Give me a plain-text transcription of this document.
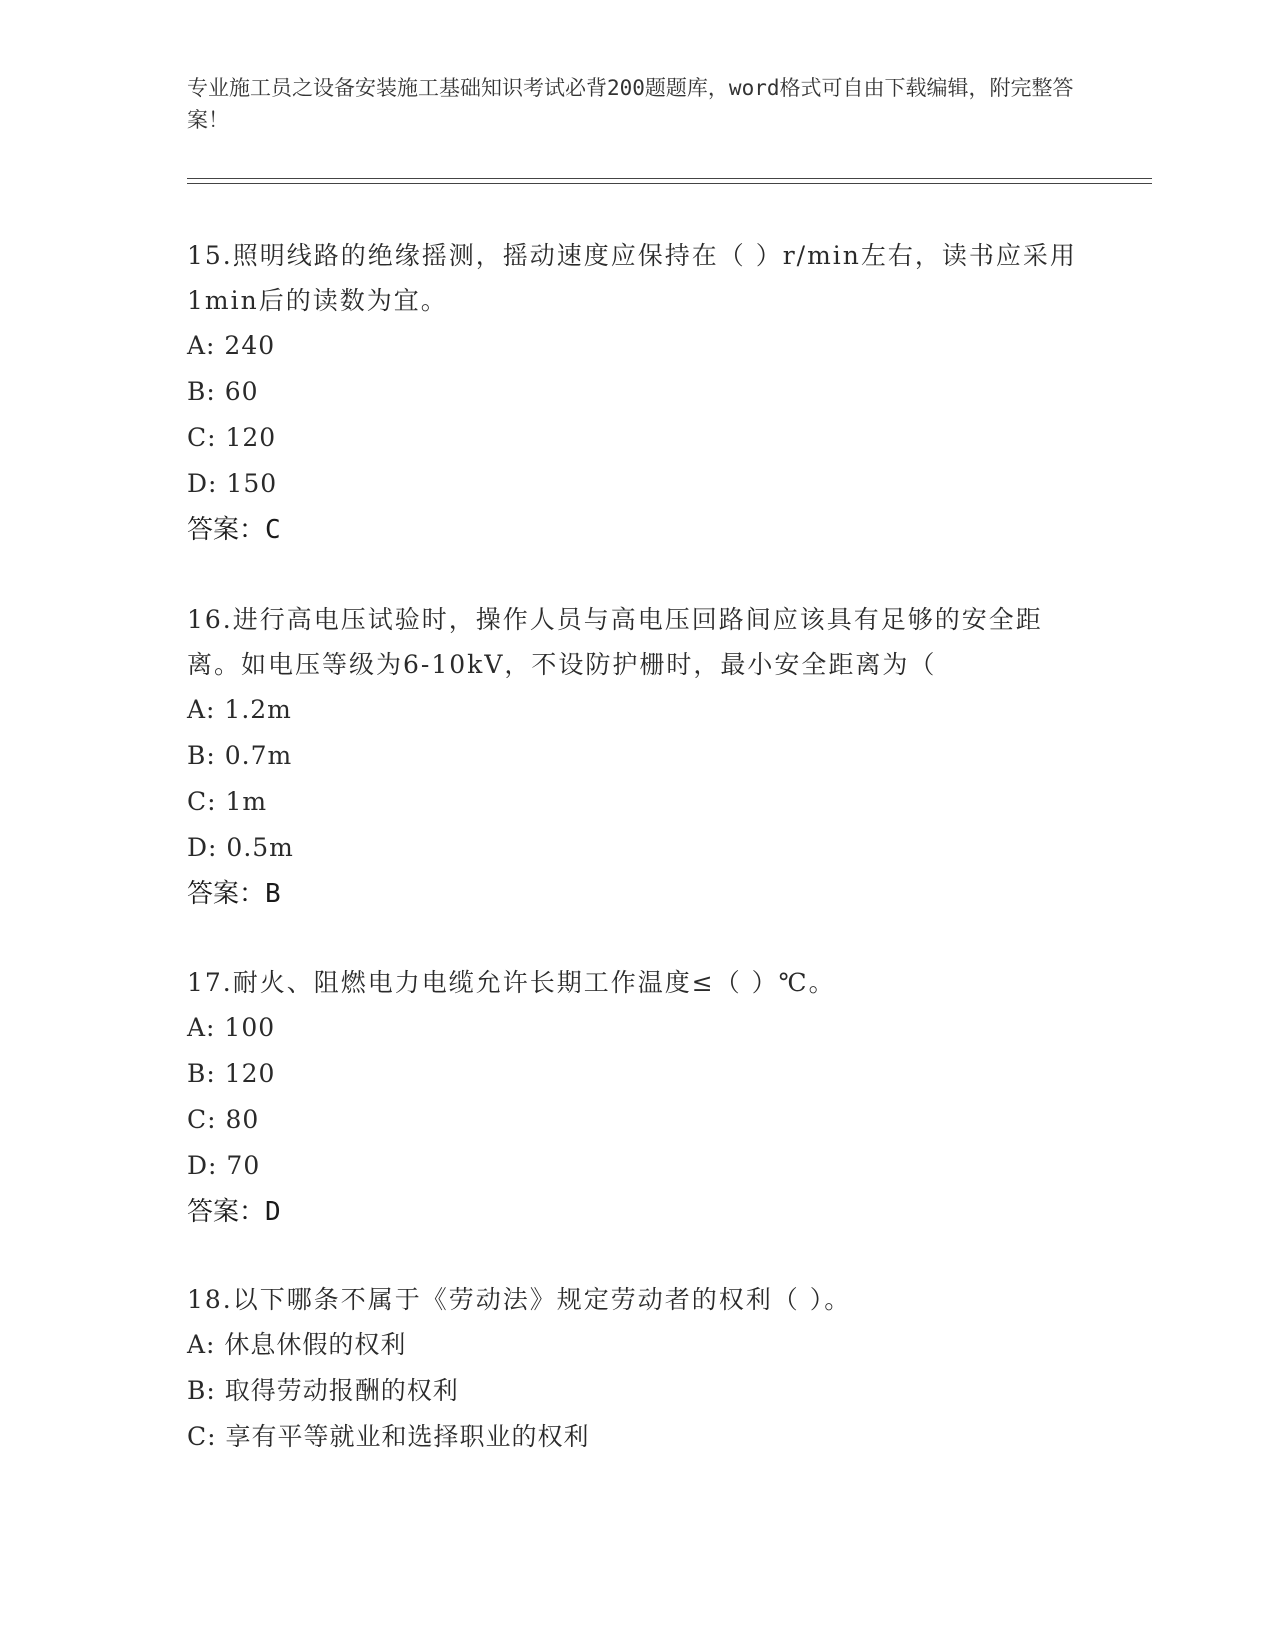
专业施工员之设备安装施工基础知识考试必背200题题库，word格式可自由下载编辑，附完整答案！
15.照明线路的绝缘摇测，摇动速度应保持在（ ）r/min左右，读书应采用1min后的读数为宜。
A: 240
B: 60
C: 120
D: 150
答案：C
16.进行高电压试验时，操作人员与高电压回路间应该具有足够的安全距离。如电压等级为6-10kV，不设防护栅时，最小安全距离为（
A: 1.2m
B: 0.7m
C: 1m
D: 0.5m
答案：B
17.耐火、阻燃电力电缆允许长期工作温度≤（ ）℃。
A: 100
B: 120
C: 80
D: 70
答案：D
18.以下哪条不属于《劳动法》规定劳动者的权利（ ）。
A: 休息休假的权利
B: 取得劳动报酬的权利
C: 享有平等就业和选择职业的权利
